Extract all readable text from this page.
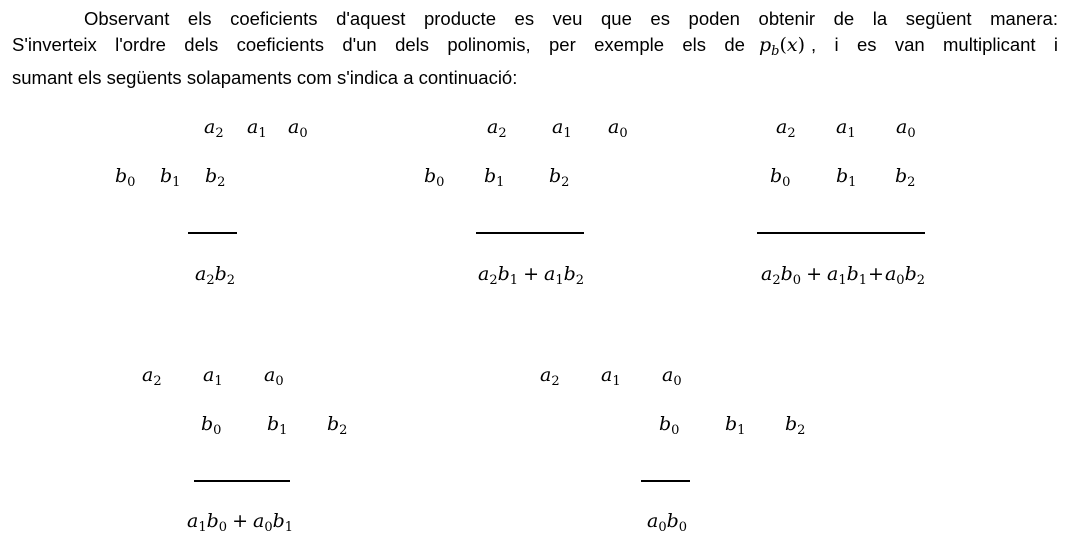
Observant els coeficients d'aquest producte es veu que es poden obtenir de la següent manera:
S'inverteix l'ordre dels coeficients d'un dels polinomis, per exemple els de $p_b(x)$ , i es van multiplicant i
sumant els següents solapaments com s'indica a continuació:
$a_2$ $a_1$ $a_0$
$b_0$ $b_1$ $b_2$
$a_2b_2$
$a_2$ $a_1$ $a_0$
$b_0$ $b_1$ $b_2$
$a_2b_1 + a_1b_2$
$a_2$ $a_1$ $a_0$
$b_0$ $b_1$ $b_2$
$a_2b_0 + a_1b_1+a_0b_2$
$a_2$ $a_1$ $a_0$
$b_0$ $b_1$ $b_2$
$a_1b_0 + a_0b_1$
$a_2$ $a_1$ $a_0$
$b_0$ $b_1$ $b_2$
$a_0b_0$
